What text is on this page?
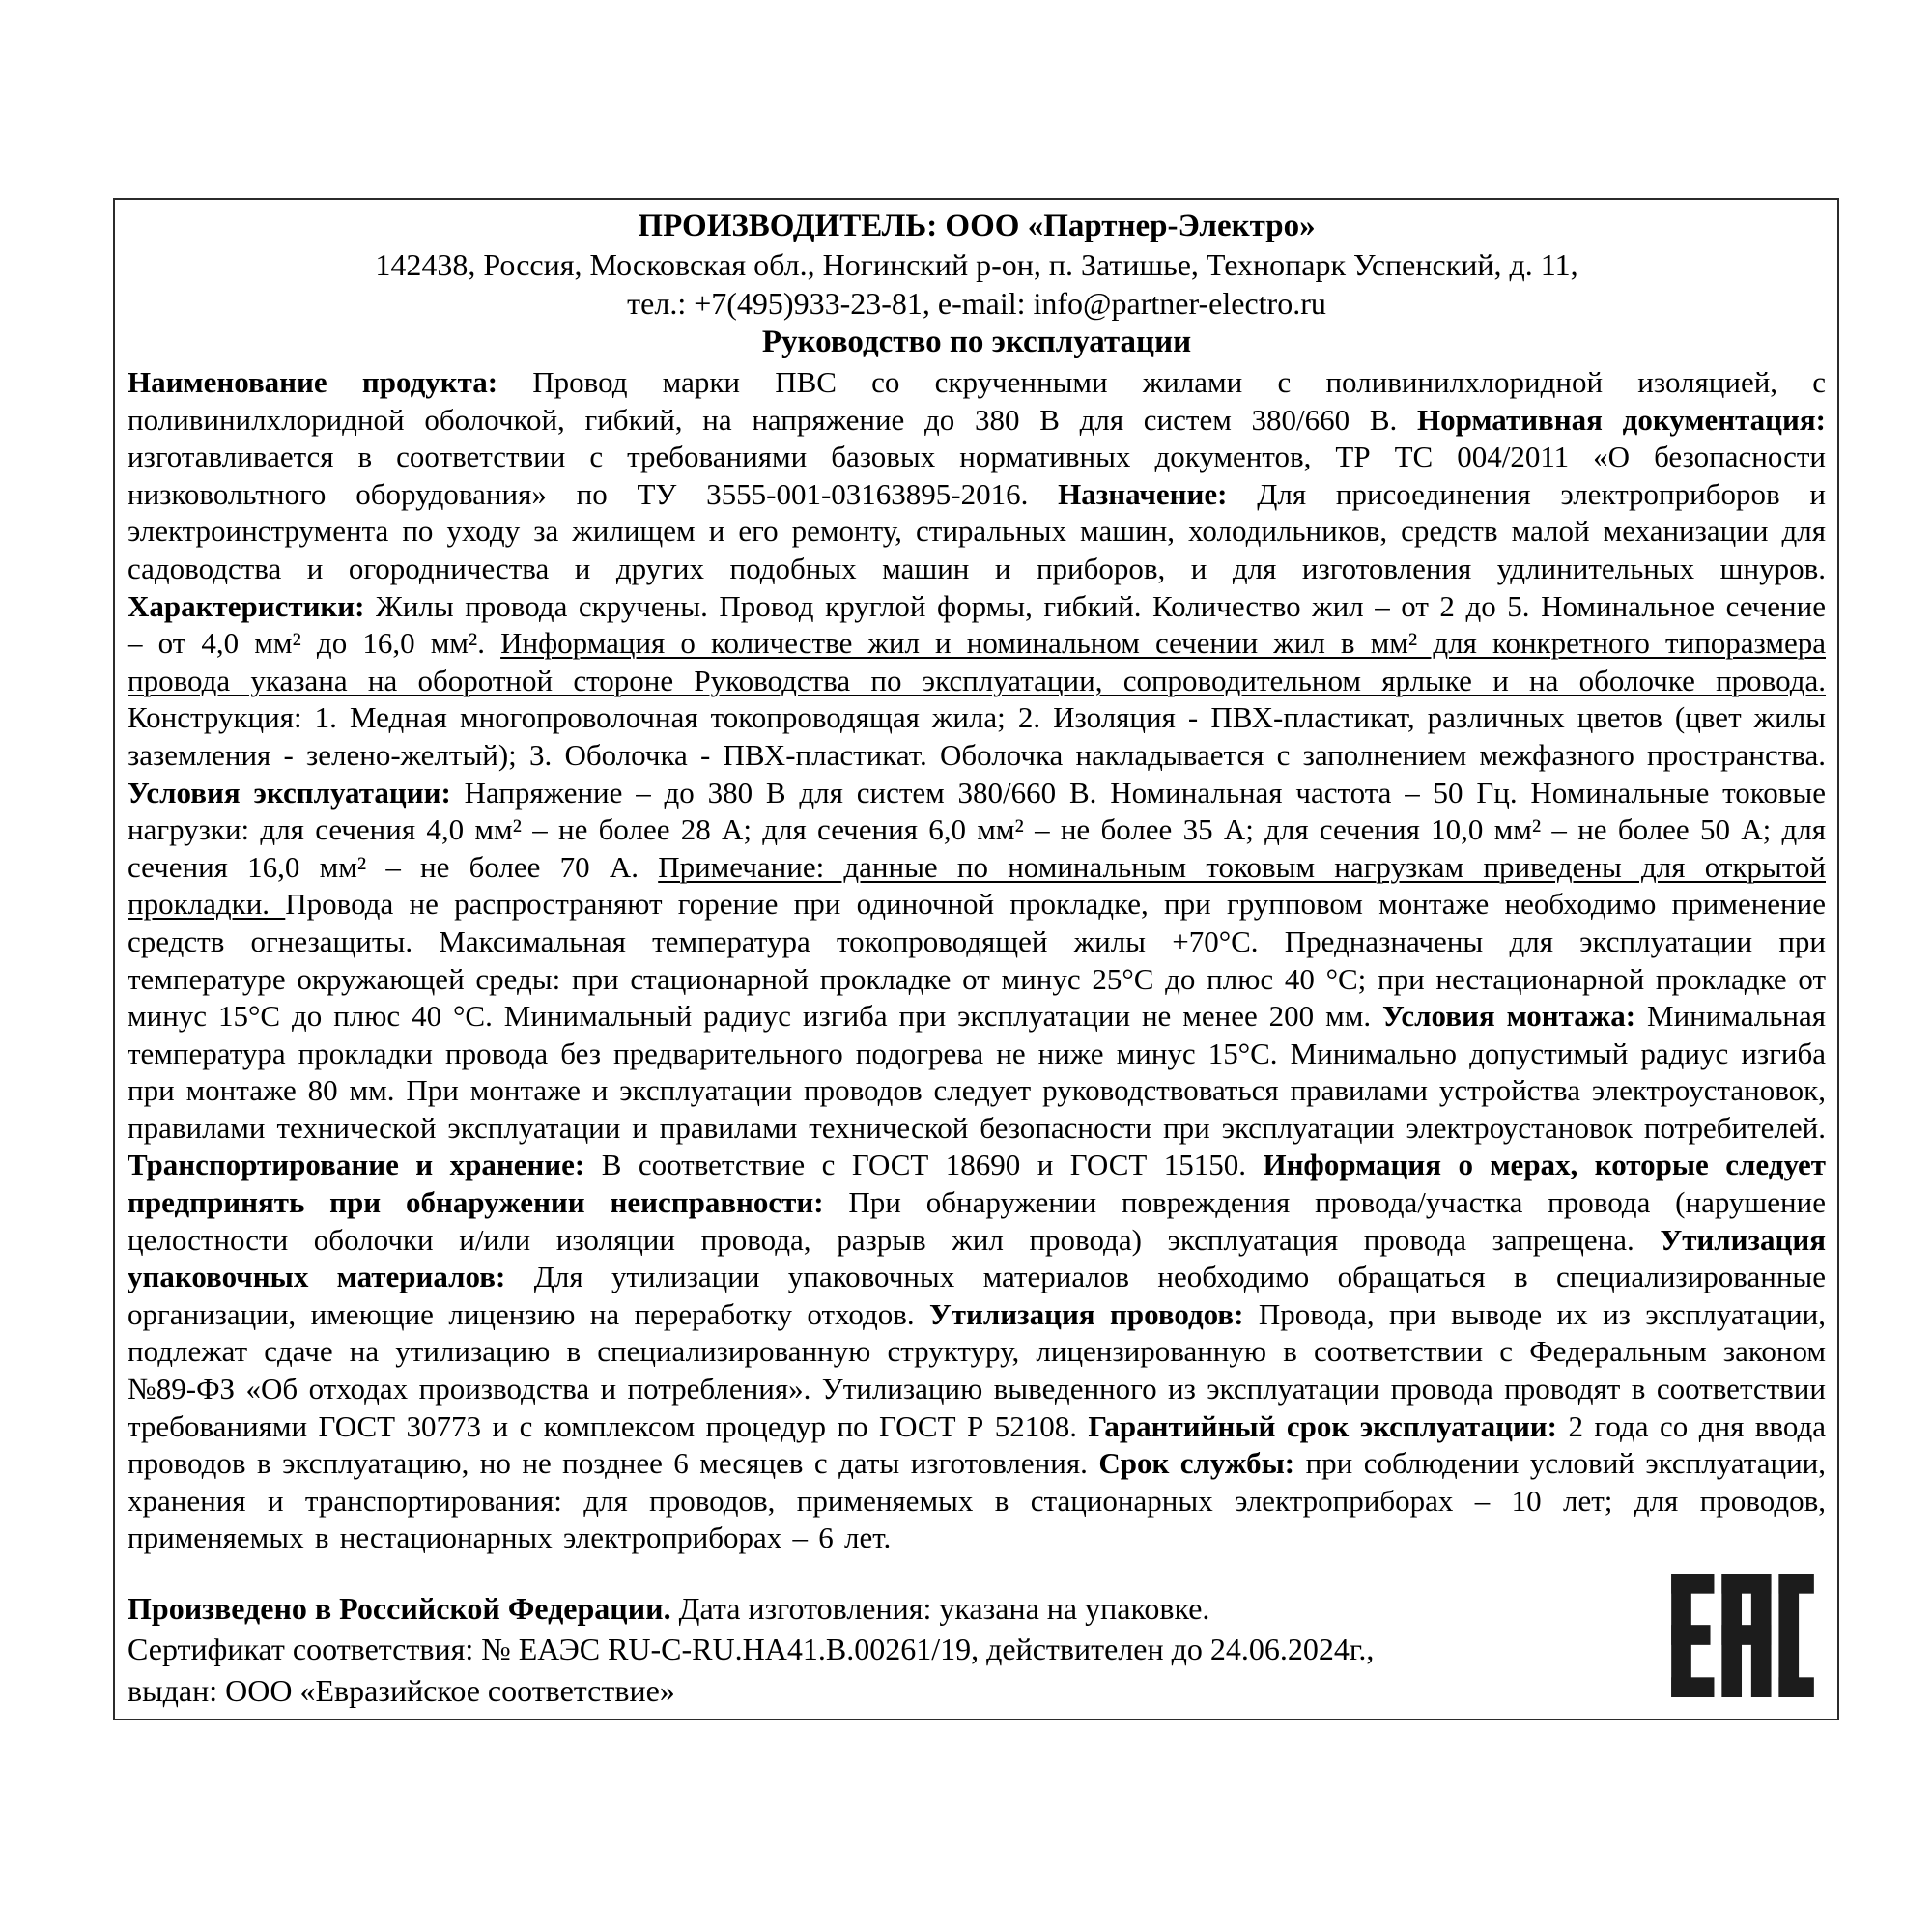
ПРОИЗВОДИТЕЛЬ: ООО «Партнер-Электро»
142438, Россия, Московская обл., Ногинский р-он, п. Затишье, Технопарк Успенский, д. 11,
тел.: +7(495)933-23-81, e-mail: info@partner-electro.ru
Руководство по эксплуатации

Наименование продукта: Провод марки ПВС со скрученными жилами с поливинилхлоридной изоляцией, с поливинилхлоридной оболочкой, гибкий, на напряжение до 380 В для систем 380/660 В. Нормативная документация: изготавливается в соответствии с требованиями базовых нормативных документов, ТР ТС 004/2011 «О безопасности низковольтного оборудования» по ТУ 3555-001-03163895-2016. Назначение: Для присоединения электроприборов и электроинструмента по уходу за жилищем и его ремонту, стиральных машин, холодильников, средств малой механизации для садоводства и огородничества и других подобных машин и приборов, и для изготовления удлинительных шнуров. Характеристики: Жилы провода скручены. Провод круглой формы, гибкий. Количество жил – от 2 до 5. Номинальное сечение – от 4,0 мм² до 16,0 мм². Информация о количестве жил и номинальном сечении жил в мм² для конкретного типоразмера провода указана на оборотной стороне Руководства по эксплуатации, сопроводительном ярлыке и на оболочке провода. Конструкция: 1. Медная многопроволочная токопроводящая жила; 2. Изоляция - ПВХ-пластикат, различных цветов (цвет жилы заземления - зелено-желтый); 3. Оболочка - ПВХ-пластикат. Оболочка накладывается с заполнением межфазного пространства. Условия эксплуатации: Напряжение – до 380 В для систем 380/660 В. Номинальная частота – 50 Гц. Номинальные токовые нагрузки: для сечения 4,0 мм² – не более 28 А; для сечения 6,0 мм² – не более 35 А; для сечения 10,0 мм² – не более 50 А; для сечения 16,0 мм² – не более 70 А. Примечание: данные по номинальным токовым нагрузкам приведены для открытой прокладки. Провода не распространяют горение при одиночной прокладке, при групповом монтаже необходимо применение средств огнезащиты. Максимальная температура токопроводящей жилы +70°С. Предназначены для эксплуатации при температуре окружающей среды: при стационарной прокладке от минус 25°С до плюс 40 °С; при нестационарной прокладке от минус 15°С до плюс 40 °С. Минимальный радиус изгиба при эксплуатации не менее 200 мм. Условия монтажа: Минимальная температура прокладки провода без предварительного подогрева не ниже минус 15°С. Минимально допустимый радиус изгиба при монтаже 80 мм. При монтаже и эксплуатации проводов следует руководствоваться правилами устройства электроустановок, правилами технической эксплуатации и правилами технической безопасности при эксплуатации электроустановок потребителей. Транспортирование и хранение: В соответствие с ГОСТ 18690 и ГОСТ 15150. Информация о мерах, которые следует предпринять при обнаружении неисправности: При обнаружении повреждения провода/участка провода (нарушение целостности оболочки и/или изоляции провода, разрыв жил провода) эксплуатация провода запрещена. Утилизация упаковочных материалов: Для утилизации упаковочных материалов необходимо обращаться в специализированные организации, имеющие лицензию на переработку отходов. Утилизация проводов: Провода, при выводе их из эксплуатации, подлежат сдаче на утилизацию в специализированную структуру, лицензированную в соответствии с Федеральным законом №89-ФЗ «Об отходах производства и потребления». Утилизацию выведенного из эксплуатации провода проводят в соответствии требованиями ГОСТ 30773 и с комплексом процедур по ГОСТ Р 52108. Гарантийный срок эксплуатации: 2 года со дня ввода проводов в эксплуатацию, но не позднее 6 месяцев с даты изготовления. Срок службы: при соблюдении условий эксплуатации, хранения и транспортирования: для проводов, применяемых в стационарных электроприборах – 10 лет; для проводов, применяемых в нестационарных электроприборах – 6 лет.

Произведено в Российской Федерации. Дата изготовления: указана на упаковке.
Сертификат соответствия: № ЕАЭС RU-C-RU.НА41.В.00261/19, действителен до 24.06.2024г.,
выдан: ООО «Евразийское соответствие»
